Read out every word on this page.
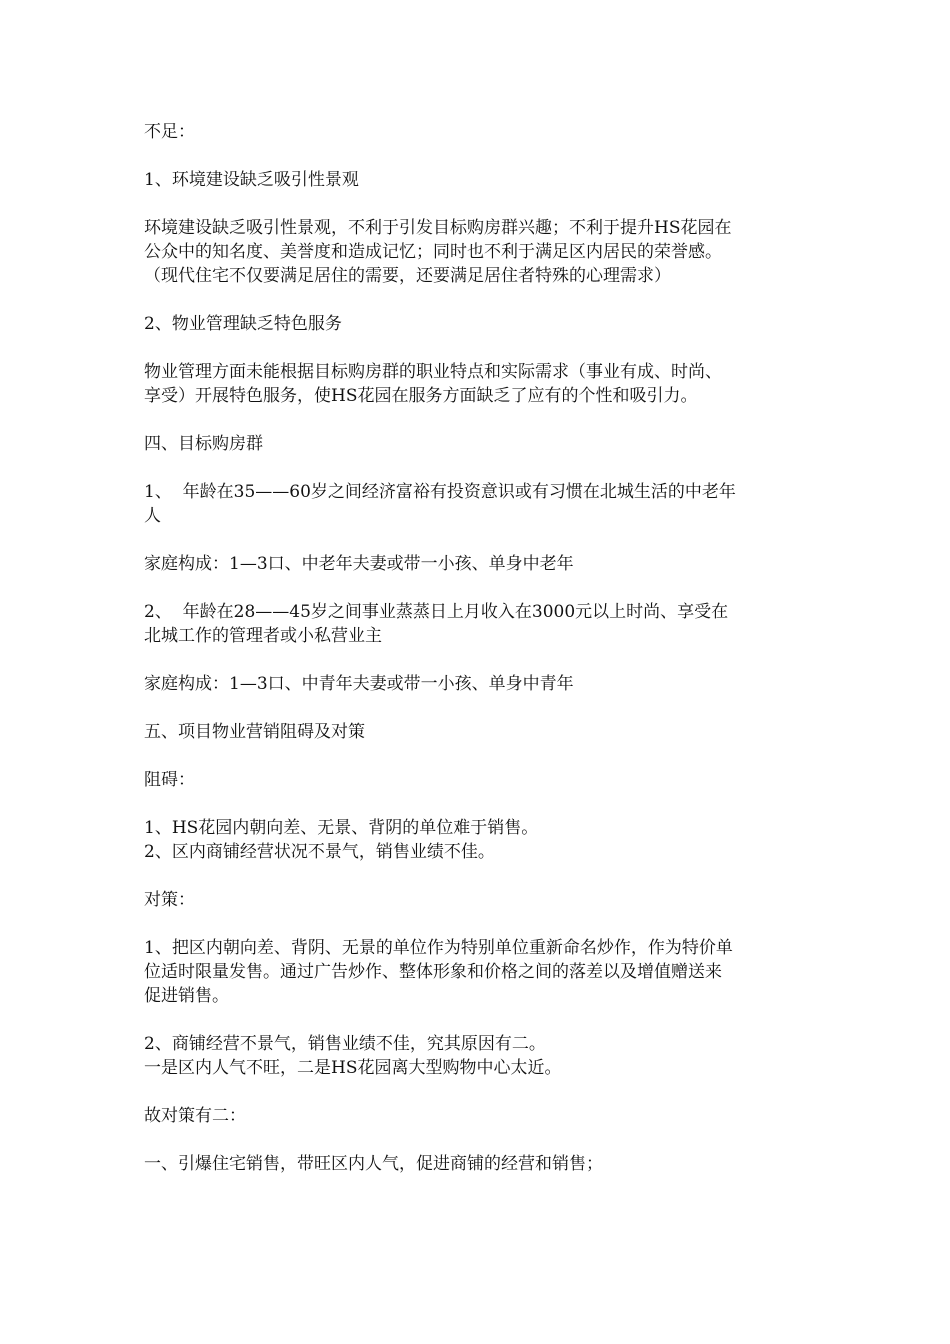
不足：

1、环境建设缺乏吸引性景观

环境建设缺乏吸引性景观，不利于引发目标购房群兴趣；不利于提升HS花园在
公众中的知名度、美誉度和造成记忆；同时也不利于满足区内居民的荣誉感。
（现代住宅不仅要满足居住的需要，还要满足居住者特殊的心理需求）

2、物业管理缺乏特色服务

物业管理方面未能根据目标购房群的职业特点和实际需求（事业有成、时尚、
享受）开展特色服务，使HS花园在服务方面缺乏了应有的个性和吸引力。

四、目标购房群

1、  年龄在35——60岁之间经济富裕有投资意识或有习惯在北城生活的中老年
人

家庭构成：1—3口、中老年夫妻或带一小孩、单身中老年

2、  年龄在28——45岁之间事业蒸蒸日上月收入在3000元以上时尚、享受在
北城工作的管理者或小私营业主

家庭构成：1—3口、中青年夫妻或带一小孩、单身中青年

五、项目物业营销阻碍及对策

阻碍：

1、HS花园内朝向差、无景、背阴的单位难于销售。
2、区内商铺经营状况不景气，销售业绩不佳。

对策：

1、把区内朝向差、背阴、无景的单位作为特别单位重新命名炒作，作为特价单
位适时限量发售。通过广告炒作、整体形象和价格之间的落差以及增值赠送来
促进销售。

2、商铺经营不景气，销售业绩不佳，究其原因有二。
一是区内人气不旺，二是HS花园离大型购物中心太近。

故对策有二：

一、引爆住宅销售，带旺区内人气，促进商铺的经营和销售；
